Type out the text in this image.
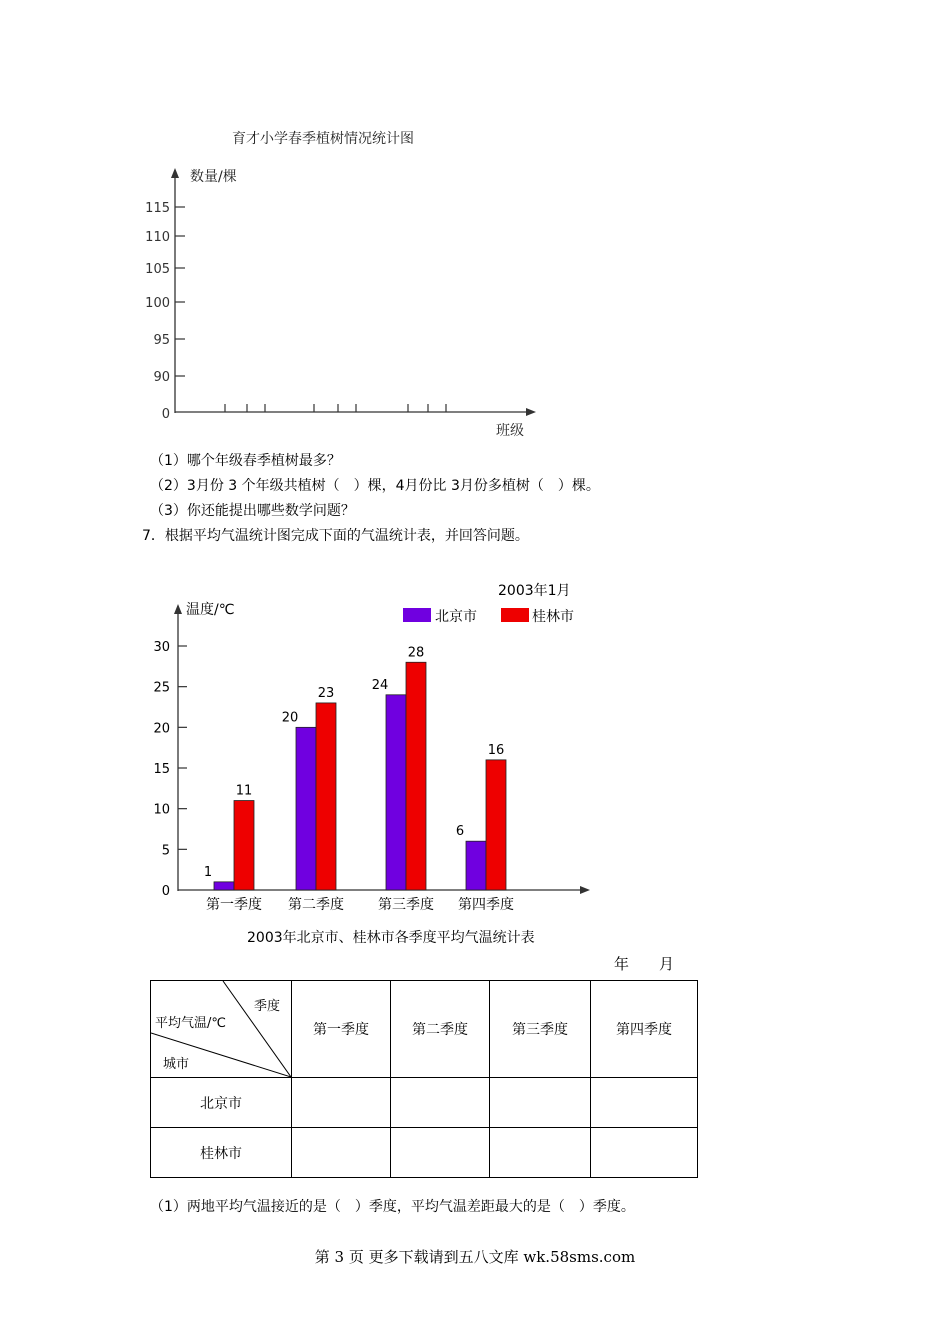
育才小学春季植树情况统计图
数量/棵
班级
115
110
105
100
95
90
0
（1）哪个年级春季植树最多？
（2）3月份 3 个年级共植树（　）棵，4月份比 3月份多植树（　）棵。
（3）你还能提出哪些数学问题？
7．根据平均气温统计图完成下面的气温统计表，并回答问题。
2003年1月
温度/℃	北京市	桂林市
30
25
20
15
10
5
0
1
11
20
23
24
28
6
16
第一季度 第二季度 第三季度 第四季度
2003年北京市、桂林市各季度平均气温统计表
年　　月
季度
平均气温/℃
城市	第一季度	第二季度	第三季度	第四季度
北京市				
桂林市				
（1）两地平均气温接近的是（　）季度，平均气温差距最大的是（　）季度。
第 3 页 更多下载请到五八文库 wk.58sms.com
